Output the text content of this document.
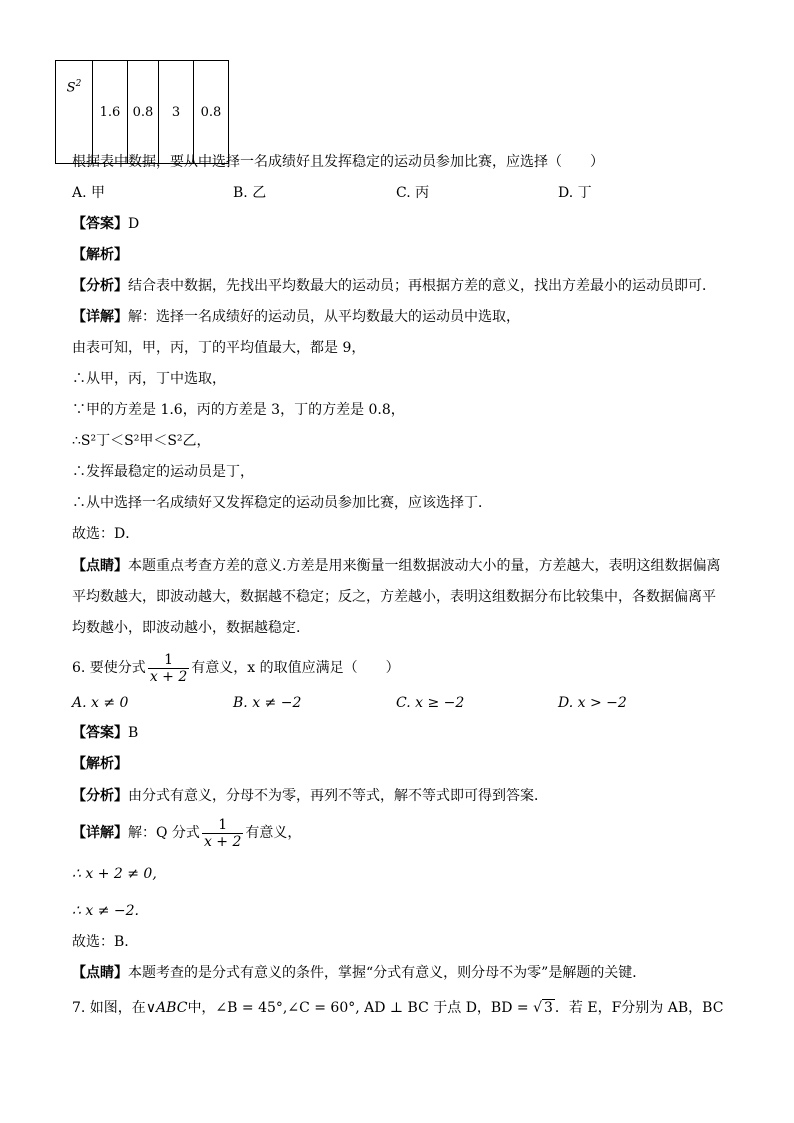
$S^2$	1.6	0.8	3	0.8
根据表中数据，要从中选择一名成绩好且发挥稳定的运动员参加比赛，应选择（　　）
A. 甲	B. 乙	C. 丙	D. 丁
【答案】D
【解析】
【分析】结合表中数据，先找出平均数最大的运动员；再根据方差的意义，找出方差最小的运动员即可．
【详解】解：选择一名成绩好的运动员，从平均数最大的运动员中选取，
由表可知，甲，丙，丁的平均值最大，都是 9，
∴从甲，丙，丁中选取，
∵甲的方差是 1.6，丙的方差是 3，丁的方差是 0.8，
∴S²丁＜S²甲＜S²乙，
∴发挥最稳定的运动员是丁，
∴从中选择一名成绩好又发挥稳定的运动员参加比赛，应该选择丁．
故选：D．
【点睛】本题重点考查方差的意义.方差是用来衡量一组数据波动大小的量，方差越大，表明这组数据偏离
平均数越大，即波动越大，数据越不稳定；反之，方差越小，表明这组数据分布比较集中，各数据偏离平
均数越小，即波动越小，数据越稳定.
6. 要使分式 $\frac{1}{x + 2}$ 有意义，x 的取值应满足（　　）
A. x ≠ 0	B. x ≠ −2	C. x ≥ −2	D. x > −2
【答案】B
【解析】
【分析】由分式有意义，分母不为零，再列不等式，解不等式即可得到答案．
【详解】解：Q 分式 $\frac{1}{x + 2}$ 有意义，
∴ x + 2 ≠ 0,
∴ x ≠ −2.
故选：B.
【点睛】本题考查的是分式有意义的条件，掌握“分式有意义，则分母不为零”是解题的关键．
7. 如图，在∨ABC中，∠B = 45°,∠C = 60°, AD ⊥ BC 于点 D，BD = √ 3 ．若 E，F分别为 AB，BC
